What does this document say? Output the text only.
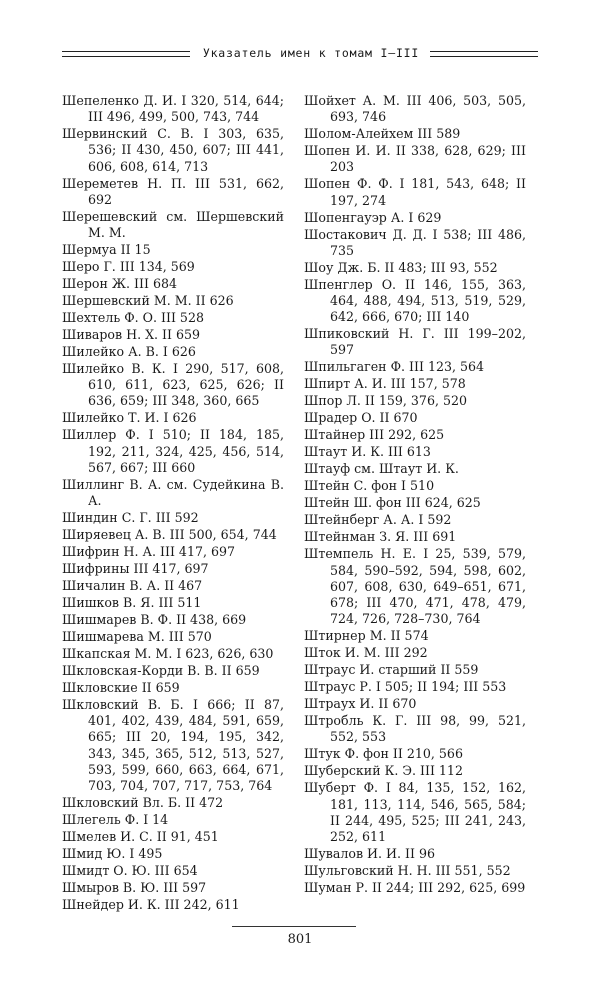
Указатель имен к томам I–III
Шепеленко Д. И. I 320, 514, 644; III 496, 499, 500, 743, 744
Шервинский С. В. I 303, 635, 536; II 430, 450, 607; III 441, 606, 608, 614, 713
Шереметев Н. П. III 531, 662, 692
Шерешевский см. Шершевский М. М.
Шермуа II 15
Шеро Г. III 134, 569
Шерон Ж. III 684
Шершевский М. М. II 626
Шехтель Ф. О. III 528
Шиваров Н. Х. II 659
Шилейко А. В. I 626
Шилейко В. К. I 290, 517, 608, 610, 611, 623, 625, 626; II 636, 659; III 348, 360, 665
Шилейко Т. И. I 626
Шиллер Ф. I 510; II 184, 185, 192, 211, 324, 425, 456, 514, 567, 667; III 660
Шиллинг В. А. см. Судейкина В. А.
Шиндин С. Г. III 592
Ширяевец А. В. III 500, 654, 744
Шифрин Н. А. III 417, 697
Шифрины III 417, 697
Шичалин В. А. II 467
Шишков В. Я. III 511
Шишмарев В. Ф. II 438, 669
Шишмарева М. III 570
Шкапская М. М. I 623, 626, 630
Шкловская-Корди В. В. II 659
Шкловские II 659
Шкловский В. Б. I 666; II 87, 401, 402, 439, 484, 591, 659, 665; III 20, 194, 195, 342, 343, 345, 365, 512, 513, 527, 593, 599, 660, 663, 664, 671, 703, 704, 707, 717, 753, 764
Шкловский Вл. Б. II 472
Шлегель Ф. I 14
Шмелев И. С. II 91, 451
Шмид Ю. I 495
Шмидт О. Ю. III 654
Шмыров В. Ю. III 597
Шнейдер И. К. III 242, 611
Шойхет А. М. III 406, 503, 505, 693, 746
Шолом-Алейхем III 589
Шопен И. И. II 338, 628, 629; III 203
Шопен Ф. Ф. I 181, 543, 648; II 197, 274
Шопенгауэр А. I 629
Шостакович Д. Д. I 538; III 486, 735
Шоу Дж. Б. II 483; III 93, 552
Шпенглер О. II 146, 155, 363, 464, 488, 494, 513, 519, 529, 642, 666, 670; III 140
Шпиковский Н. Г. III 199–202, 597
Шпильгаген Ф. III 123, 564
Шпирт А. И. III 157, 578
Шпор Л. II 159, 376, 520
Шрадер О. II 670
Штайнер III 292, 625
Штаут И. К. III 613
Штауф см. Штаут И. К.
Штейн С. фон I 510
Штейн Ш. фон III 624, 625
Штейнберг А. А. I 592
Штейнман З. Я. III 691
Штемпель Н. Е. I 25, 539, 579, 584, 590–592, 594, 598, 602, 607, 608, 630, 649–651, 671, 678; III 470, 471, 478, 479, 724, 726, 728–730, 764
Штирнер М. II 574
Шток И. М. III 292
Штраус И. старший II 559
Штраус Р. I 505; II 194; III 553
Штраух И. II 670
Штробль К. Г. III 98, 99, 521, 552, 553
Штук Ф. фон II 210, 566
Шуберский К. Э. III 112
Шуберт Ф. I 84, 135, 152, 162, 181, 113, 114, 546, 565, 584; II 244, 495, 525; III 241, 243, 252, 611
Шувалов И. И. II 96
Шульговский Н. Н. III 551, 552
Шуман Р. II 244; III 292, 625, 699
801
